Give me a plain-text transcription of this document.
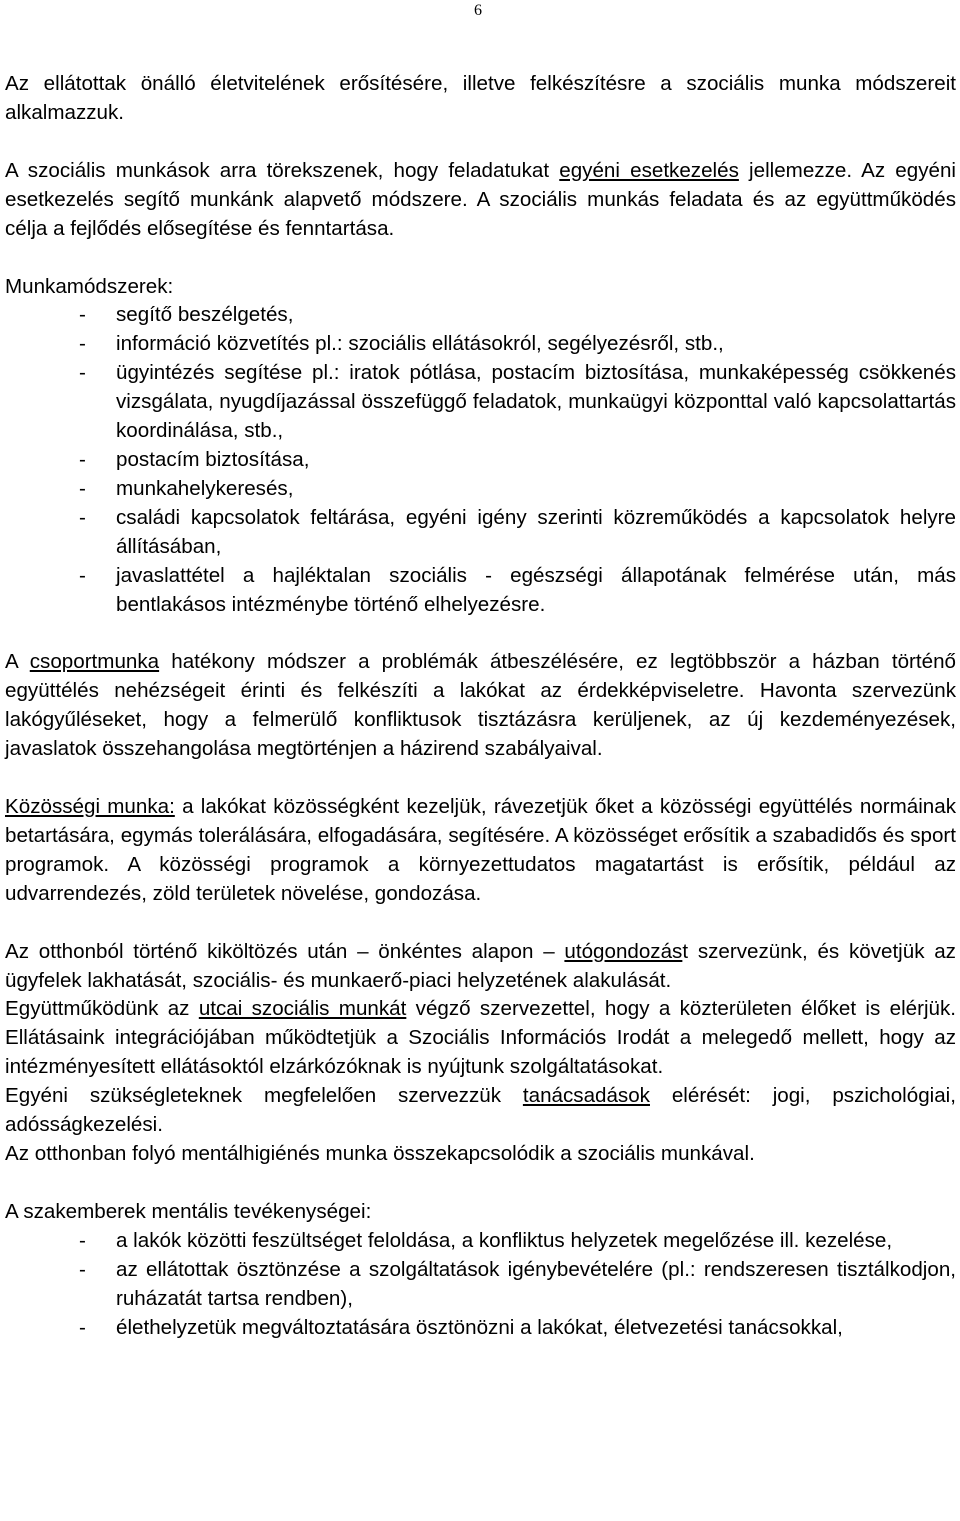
6

Az ellátottak önálló életvitelének erősítésére, illetve felkészítésre a szociális munka módszereit alkalmazzuk.

A szociális munkások arra törekszenek, hogy feladatukat egyéni esetkezelés jellemezze. Az egyéni esetkezelés segítő munkánk alapvető módszere. A szociális munkás feladata és az együttműködés célja a fejlődés elősegítése és fenntartása.

Munkamódszerek:

- segítő beszélgetés,
- információ közvetítés pl.: szociális ellátásokról, segélyezésről, stb.,
- ügyintézés segítése pl.: iratok pótlása, postacím biztosítása, munkaképesség csökkenés vizsgálata, nyugdíjazással összefüggő feladatok, munkaügyi központtal való kapcsolattartás koordinálása, stb.,
- postacím biztosítása,
- munkahelykeresés,
- családi kapcsolatok feltárása, egyéni igény szerinti közreműködés a kapcsolatok helyre állításában,
- javaslattétel a hajléktalan szociális - egészségi állapotának felmérése után, más bentlakásos intézménybe történő elhelyezésre.

A csoportmunka hatékony módszer a problémák átbeszélésére, ez legtöbbször a házban történő együttélés nehézségeit érinti és felkészíti a lakókat az érdekképviseletre. Havonta szervezünk lakógyűléseket, hogy a felmerülő konfliktusok tisztázásra kerüljenek, az új kezdeményezések, javaslatok összehangolása megtörténjen a házirend szabályaival.

Közösségi munka: a lakókat közösségként kezeljük, rávezetjük őket a közösségi együttélés normáinak betartására, egymás tolerálására, elfogadására, segítésére. A közösséget erősítik a szabadidős és sport programok. A közösségi programok a környezettudatos magatartást is erősítik, például az udvarrendezés, zöld területek növelése, gondozása.

Az otthonból történő kiköltözés után – önkéntes alapon – utógondozást szervezünk, és követjük az ügyfelek lakhatását, szociális- és munkaerő-piaci helyzetének alakulását.

Együttműködünk az utcai szociális munkát végző szervezettel, hogy a közterületen élőket is elérjük. Ellátásaink integrációjában működtetjük a Szociális Információs Irodát a melegedő mellett, hogy az intézményesített ellátásoktól elzárkózóknak is nyújtunk szolgáltatásokat.

Egyéni szükségleteknek megfelelően szervezzük tanácsadások elérését: jogi, pszichológiai, adósságkezelési.

Az otthonban folyó mentálhigiénés munka összekapcsolódik a szociális munkával.

A szakemberek mentális tevékenységei:

- a lakók közötti feszültséget feloldása, a konfliktus helyzetek megelőzése ill. kezelése,
- az ellátottak ösztönzése a szolgáltatások igénybevételére (pl.: rendszeresen tisztálkodjon, ruházatát tartsa rendben),
- élethelyzetük megváltoztatására ösztönözni a lakókat, életvezetési tanácsokkal,
